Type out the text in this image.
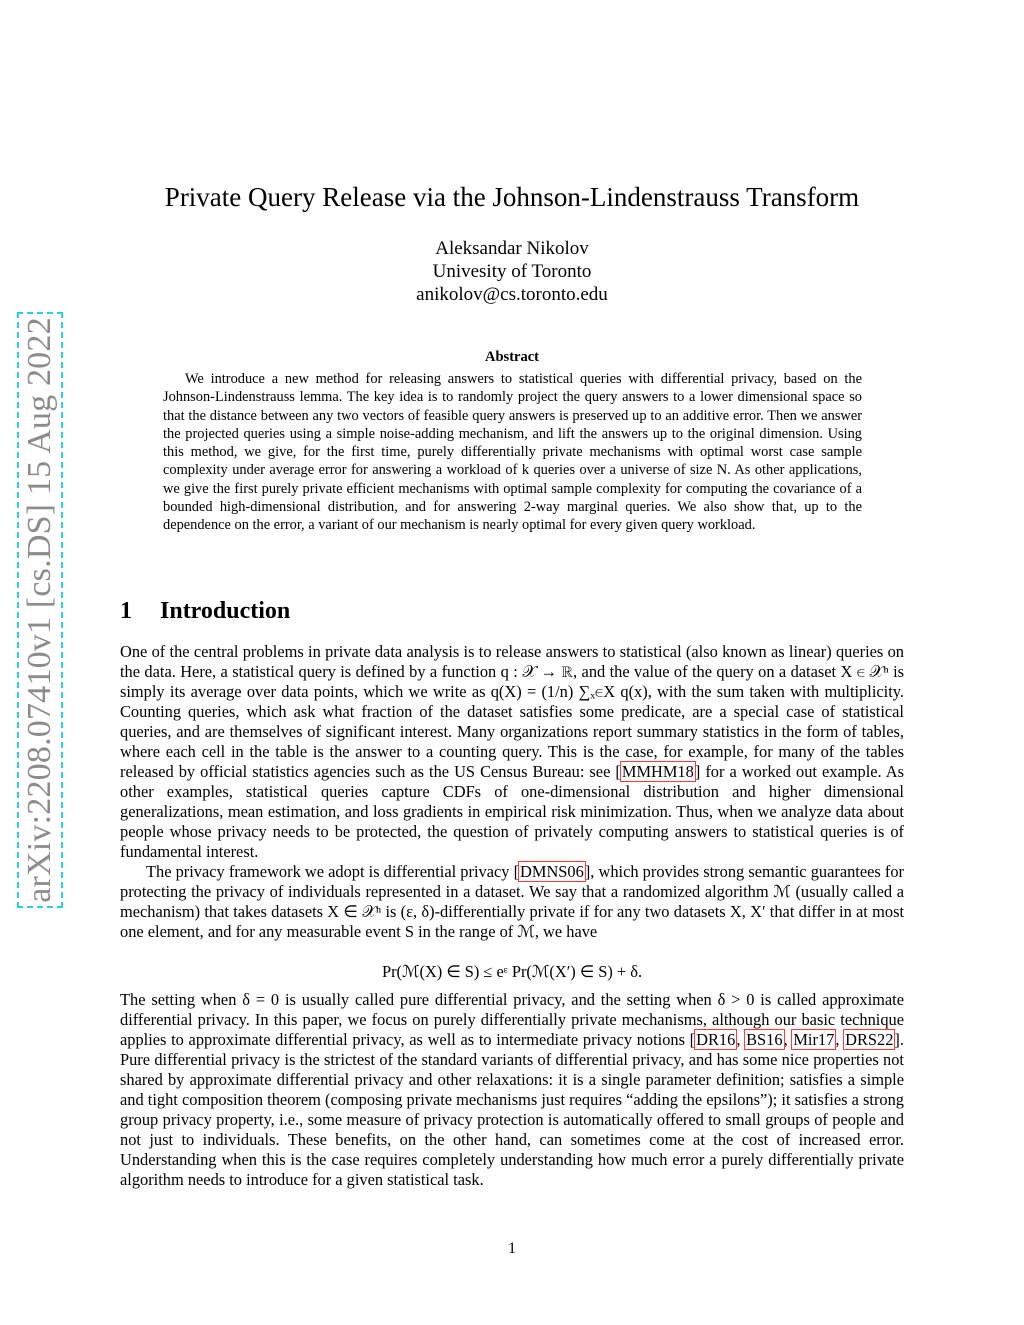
arXiv:2208.07410v1 [cs.DS] 15 Aug 2022
Private Query Release via the Johnson-Lindenstrauss Transform
Aleksandar Nikolov
Univesity of Toronto
anikolov@cs.toronto.edu
Abstract

We introduce a new method for releasing answers to statistical queries with differential privacy, based on the Johnson-Lindenstrauss lemma. The key idea is to randomly project the query answers to a lower dimensional space so that the distance between any two vectors of feasible query answers is preserved up to an additive error. Then we answer the projected queries using a simple noise-adding mechanism, and lift the answers up to the original dimension. Using this method, we give, for the first time, purely differentially private mechanisms with optimal worst case sample complexity under average error for answering a workload of k queries over a universe of size N. As other applications, we give the first purely private efficient mechanisms with optimal sample complexity for computing the covariance of a bounded high-dimensional distribution, and for answering 2-way marginal queries. We also show that, up to the dependence on the error, a variant of our mechanism is nearly optimal for every given query workload.

1 Introduction

One of the central problems in private data analysis is to release answers to statistical (also known as linear) queries on the data. Here, a statistical query is defined by a function q : 𝒳 → ℝ, and the value of the query on a dataset X ∈ 𝒳ⁿ is simply its average over data points, which we write as q(X) = (1/n) ∑ₓ∈X q(x), with the sum taken with multiplicity. Counting queries, which ask what fraction of the dataset satisfies some predicate, are a special case of statistical queries, and are themselves of significant interest. Many organizations report summary statistics in the form of tables, where each cell in the table is the answer to a counting query. This is the case, for example, for many of the tables released by official statistics agencies such as the US Census Bureau: see [MMHM18] for a worked out example. As other examples, statistical queries capture CDFs of one-dimensional distribution and higher dimensional generalizations, mean estimation, and loss gradients in empirical risk minimization. Thus, when we analyze data about people whose privacy needs to be protected, the question of privately computing answers to statistical queries is of fundamental interest.

The privacy framework we adopt is differential privacy [DMNS06], which provides strong semantic guarantees for protecting the privacy of individuals represented in a dataset. We say that a randomized algorithm ℳ (usually called a mechanism) that takes datasets X ∈ 𝒳ⁿ is (ε, δ)-differentially private if for any two datasets X, X′ that differ in at most one element, and for any measurable event S in the range of ℳ, we have

Pr(ℳ(X) ∈ S) ≤ eᵋ Pr(ℳ(X′) ∈ S) + δ.

The setting when δ = 0 is usually called pure differential privacy, and the setting when δ > 0 is called approximate differential privacy. In this paper, we focus on purely differentially private mechanisms, although our basic technique applies to approximate differential privacy, as well as to intermediate privacy notions [DR16, BS16, Mir17, DRS22]. Pure differential privacy is the strictest of the standard variants of differential privacy, and has some nice properties not shared by approximate differential privacy and other relaxations: it is a single parameter definition; satisfies a simple and tight composition theorem (composing private mechanisms just requires “adding the epsilons”); it satisfies a strong group privacy property, i.e., some measure of privacy protection is automatically offered to small groups of people and not just to individuals. These benefits, on the other hand, can sometimes come at the cost of increased error. Understanding when this is the case requires completely understanding how much error a purely differentially private algorithm needs to introduce for a given statistical task.

1
